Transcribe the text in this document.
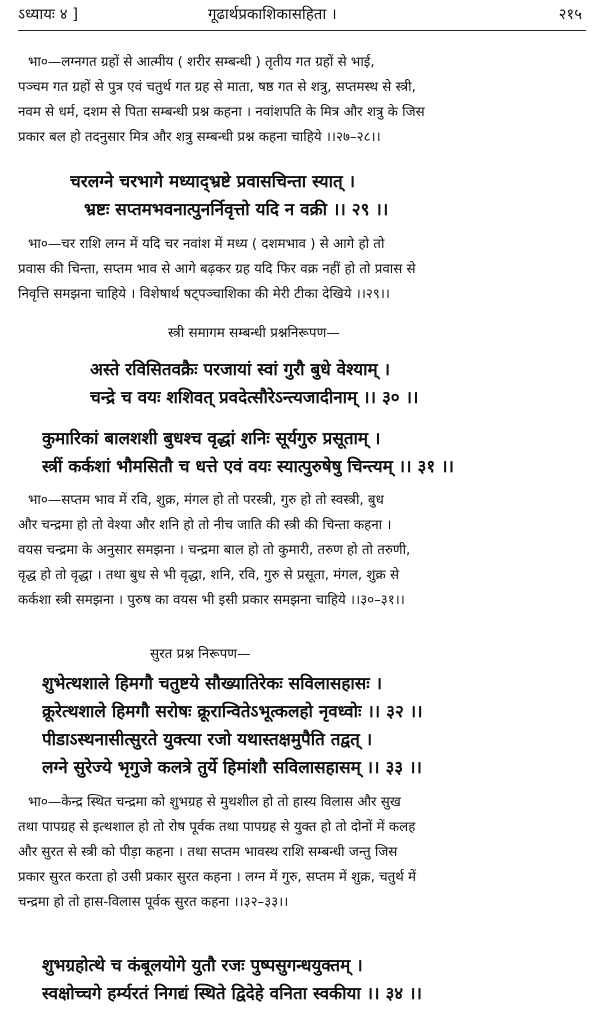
ऽध्यायः ४ ]	गूढार्थप्रकाशिकासहिता ।	२१५
भा०—लग्नगत ग्रहों से आत्मीय ( शरीर सम्बन्धी ) तृतीय गत ग्रहों से भाई,
पञ्चम गत ग्रहों से पुत्र एवं चतुर्थ गत ग्रह से माता, षष्ठ गत से शत्रु, सप्तमस्थ से स्त्री,
नवम से धर्म, दशम से पिता सम्बन्धी प्रश्न कहना । नवांशपति के मित्र और शत्रु के जिस
प्रकार बल हो तदनुसार मित्र और शत्रु सम्बन्धी प्रश्न कहना चाहिये ।।२७–२८।।
चरलग्ने चरभागे मध्याद्भ्रष्टे प्रवासचिन्ता स्यात् ।
भ्रष्टः सप्तमभवनात्पुनर्निवृत्तो यदि न वक्री ।। २९ ।।
भा०—चर राशि लग्न में यदि चर नवांश में मध्य ( दशमभाव ) से आगे हो तो
प्रवास की चिन्ता, सप्तम भाव से आगे बढ़कर ग्रह यदि फिर वक्र नहीं हो तो प्रवास से
निवृत्ति समझना चाहिये । विशेषार्थ षट्पञ्चाशिका की मेरी टीका देखिये ।।२९।।
स्त्री समागम सम्बन्धी प्रश्ननिरूपण—
अस्ते रविसितवक्रैः परजायां स्वां गुरौ बुधे वेश्याम् ।
चन्द्रे च वयः शशिवत् प्रवदेत्सौरेऽन्त्यजादीनाम् ।। ३० ।।
कुमारिकां बालशशी बुधश्च वृद्धां शनिः सूर्यगुरु प्रसूताम् ।
स्त्रीं कर्कशां भौमसितौ च धत्ते एवं वयः स्यात्पुरुषेषु चिन्त्यम् ।। ३१ ।।
भा०—सप्तम भाव में रवि, शुक्र, मंगल हो तो परस्त्री, गुरु हो तो स्वस्त्री, बुध
और चन्द्रमा हो तो वेश्या और शनि हो तो नीच जाति की स्त्री की चिन्ता कहना ।
वयस चन्द्रमा के अनुसार समझना । चन्द्रमा बाल हो तो कुमारी, तरुण हो तो तरुणी,
वृद्ध हो तो वृद्धा । तथा बुध से भी वृद्धा, शनि, रवि, गुरु से प्रसूता, मंगल, शुक्र से
कर्कशा स्त्री समझना । पुरुष का वयस भी इसी प्रकार समझना चाहिये ।।३०–३१।।
सुरत प्रश्न निरूपण—
शुभेत्थशाले हिमगौ चतुष्टये सौख्यातिरेकः सविलासहासः ।
क्रूरेत्थशाले हिमगौ सरोषः क्रूरान्वितेऽभूत्कलहो नृवध्वोः ।। ३२ ।।
पीडाऽस्थनासीत्सुरते युक्त्या रजो यथास्तक्षमुपैति तद्वत् ।
लग्ने सुरेज्ये भृगुजे कलत्रे तुर्ये हिमांशौ सविलासहासम् ।। ३३ ।।
भा०—केन्द्र स्थित चन्द्रमा को शुभग्रह से मुथशील हो तो हास्य विलास और सुख
तथा पापग्रह से इत्थशाल हो तो रोष पूर्वक तथा पापग्रह से युक्त हो तो दोनों में कलह
और सुरत से स्त्री को पीड़ा कहना । तथा सप्तम भावस्थ राशि सम्बन्धी जन्तु जिस
प्रकार सुरत करता हो उसी प्रकार सुरत कहना । लग्न में गुरु, सप्तम में शुक्र, चतुर्थ में
चन्द्रमा हो तो हास-विलास पूर्वक सुरत कहना ।।३२–३३।।
शुभग्रहोत्थे च कंबूलयोगे युतौ रजः पुष्पसुगन्धयुक्तम् ।
स्वक्षोच्चगे हर्म्यरतं निगद्यं स्थिते द्विदेहे वनिता स्वकीया ।। ३४ ।।
